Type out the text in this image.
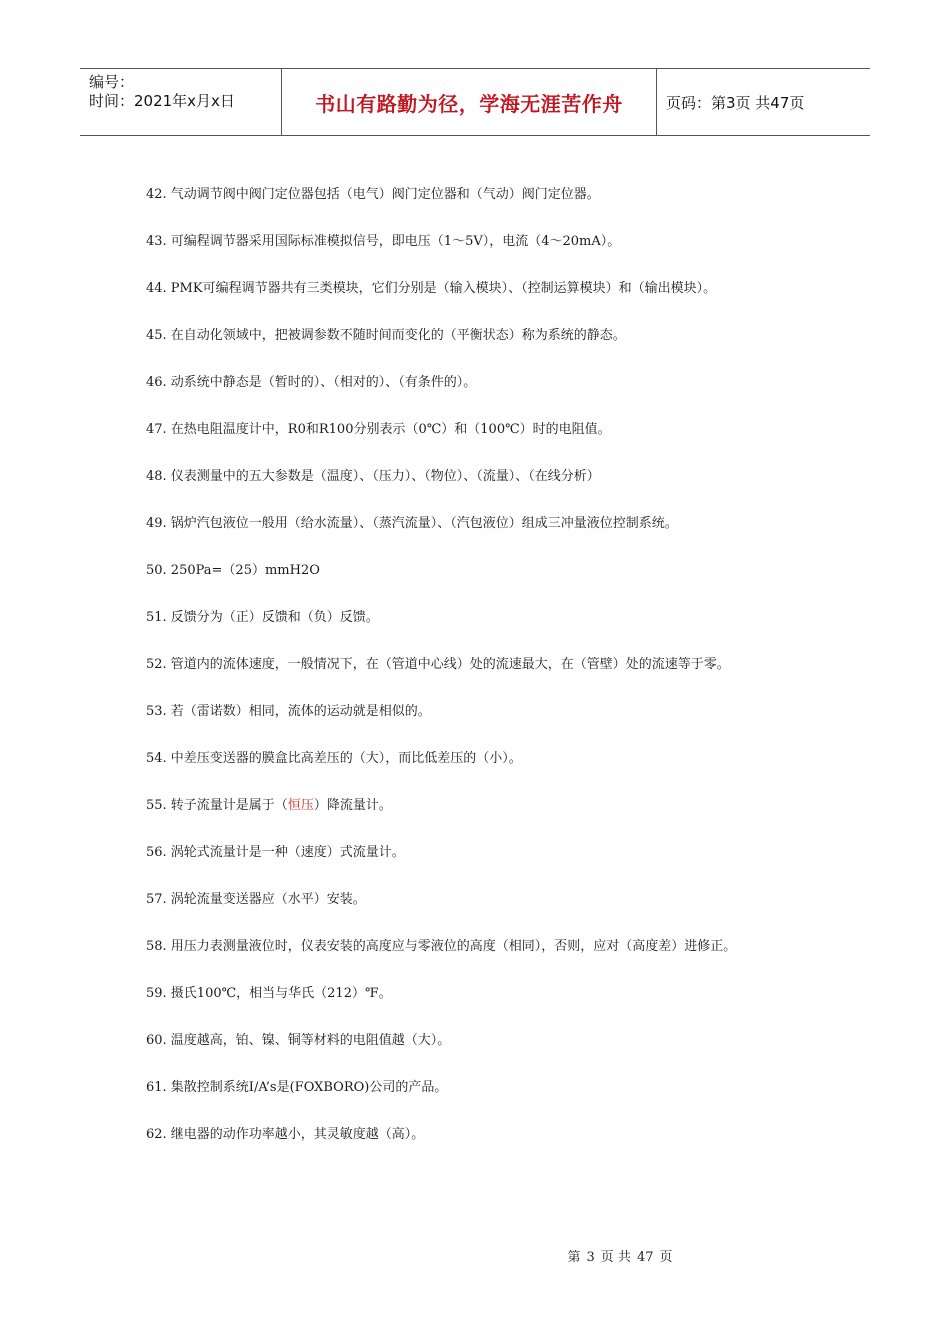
编号：
时间：2021年x月x日	书山有路勤为径，学海无涯苦作舟	页码：第3页 共47页
42. 气动调节阀中阀门定位器包括（电气）阀门定位器和（气动）阀门定位器。
43. 可编程调节器采用国际标准模拟信号，即电压（1～5V），电流（4～20mA）。
44. PMK可编程调节器共有三类模块，它们分别是（输入模块）、（控制运算模块）和（输出模块）。
45. 在自动化领域中，把被调参数不随时间而变化的（平衡状态）称为系统的静态。
46. 动系统中静态是（暂时的）、（相对的）、（有条件的）。
47. 在热电阻温度计中，R0和R100分别表示（0℃）和（100℃）时的电阻值。
48. 仪表测量中的五大参数是（温度）、（压力）、（物位）、（流量）、（在线分析）
49. 锅炉汽包液位一般用（给水流量）、（蒸汽流量）、（汽包液位）组成三冲量液位控制系统。
50. 250Pa=（25）mmH2O
51. 反馈分为（正）反馈和（负）反馈。
52. 管道内的流体速度，一般情况下，在（管道中心线）处的流速最大，在（管壁）处的流速等于零。
53. 若（雷诺数）相同，流体的运动就是相似的。
54. 中差压变送器的膜盒比高差压的（大），而比低差压的（小）。
55. 转子流量计是属于（恒压）降流量计。
56. 涡轮式流量计是一种（速度）式流量计。
57. 涡轮流量变送器应（水平）安装。
58. 用压力表测量液位时，仪表安装的高度应与零液位的高度（相同），否则，应对（高度差）进修正。
59. 摄氏100℃，相当与华氏（212）℉。
60. 温度越高，铂、镍、铜等材料的电阻值越（大）。
61. 集散控制系统I/A’s是(FOXBORO)公司的产品。
62. 继电器的动作功率越小，其灵敏度越（高）。
第 3 页 共 47 页
